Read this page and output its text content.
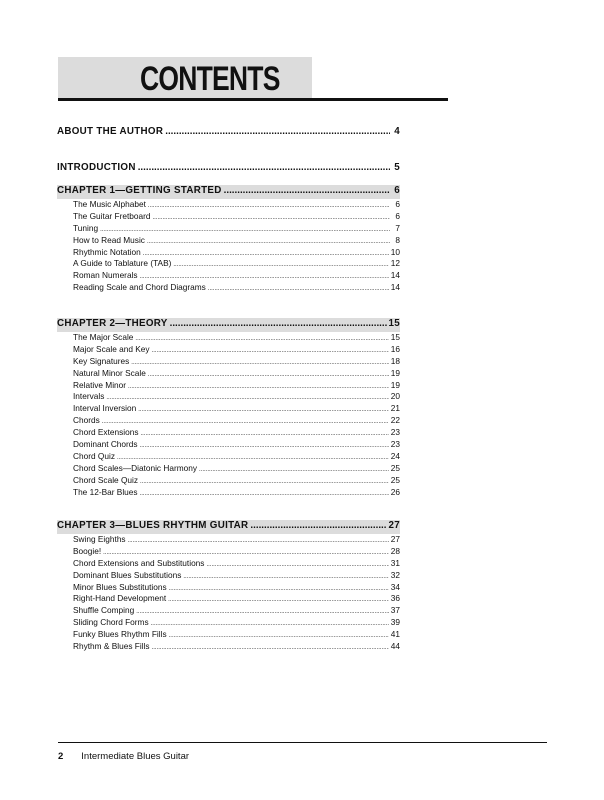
CONTENTS
ABOUT THE AUTHOR .....	4
INTRODUCTION .....	5
CHAPTER 1—GETTING STARTED .....	6
The Music Alphabet .....	6
The Guitar Fretboard .....	6
Tuning .....	7
How to Read Music .....	8
Rhythmic Notation .....	10
A Guide to Tablature (TAB) .....	12
Roman Numerals .....	14
Reading Scale and Chord Diagrams .....	14
CHAPTER 2—THEORY .....	15
The Major Scale .....	15
Major Scale and Key .....	16
Key Signatures .....	18
Natural Minor Scale .....	19
Relative Minor .....	19
Intervals .....	20
Interval Inversion .....	21
Chords .....	22
Chord Extensions .....	23
Dominant Chords .....	23
Chord Quiz .....	24
Chord Scales—Diatonic Harmony .....	25
Chord Scale Quiz .....	25
The 12-Bar Blues .....	26
CHAPTER 3—BLUES RHYTHM GUITAR .....	27
Swing Eighths .....	27
Boogie! .....	28
Chord Extensions and Substitutions .....	31
Dominant Blues Substitutions .....	32
Minor Blues Substitutions .....	34
Right-Hand Development .....	36
Shuffle Comping .....	37
Sliding Chord Forms .....	39
Funky Blues Rhythm Fills .....	41
Rhythm & Blues Fills .....	44
2 Intermediate Blues Guitar
